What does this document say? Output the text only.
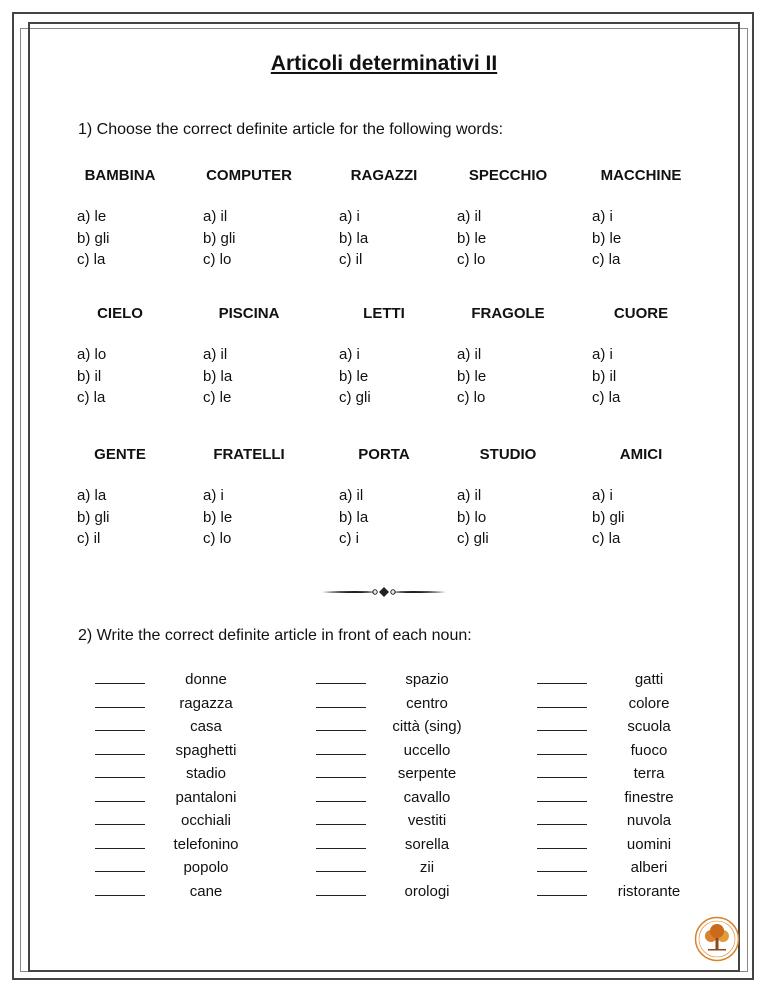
Articoli determinativi II
1) Choose the correct definite article for the following words:
BAMBINA
a) le
b) gli
c) la
COMPUTER
a) il
b) gli
c) lo
RAGAZZI
a) i
b) la
c) il
SPECCHIO
a) il
b) le
c) lo
MACCHINE
a) i
b) le
c) la
CIELO
a) lo
b) il
c) la
PISCINA
a) il
b) la
c) le
LETTI
a) i
b) le
c) gli
FRAGOLE
a) il
b) le
c) lo
CUORE
a) i
b) il
c) la
GENTE
a) la
b) gli
c) il
FRATELLI
a) i
b) le
c) lo
PORTA
a) il
b) la
c) i
STUDIO
a) il
b) lo
c) gli
AMICI
a) i
b) gli
c) la
2) Write the correct definite article in front of each noun:
donne
ragazza
casa
spaghetti
stadio
pantaloni
occhiali
telefonino
popolo
cane
spazio
centro
città (sing)
uccello
serpente
cavallo
vestiti
sorella
zii
orologi
gatti
colore
scuola
fuoco
terra
finestre
nuvola
uomini
alberi
ristorante
